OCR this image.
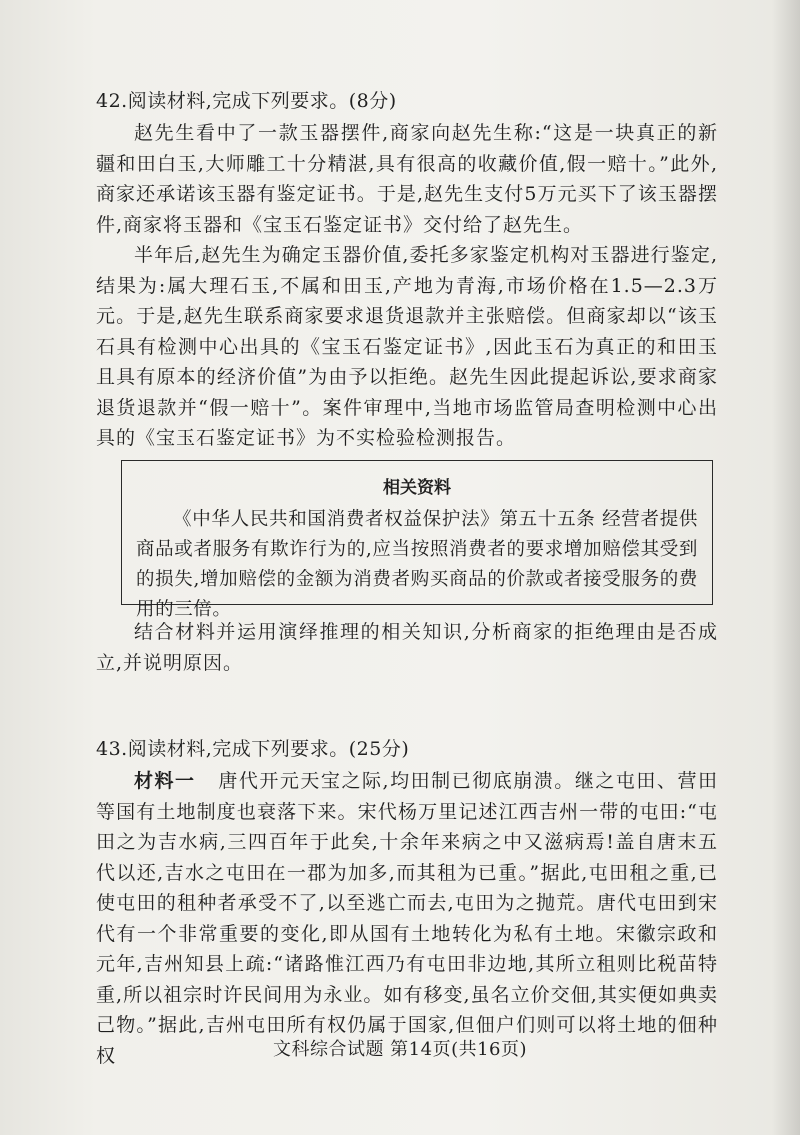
42.阅读材料,完成下列要求。(8分)

赵先生看中了一款玉器摆件,商家向赵先生称:“这是一块真正的新疆和田白玉,大师雕工十分精湛,具有很高的收藏价值,假一赔十。”此外,商家还承诺该玉器有鉴定证书。于是,赵先生支付5万元买下了该玉器摆件,商家将玉器和《宝玉石鉴定证书》交付给了赵先生。

半年后,赵先生为确定玉器价值,委托多家鉴定机构对玉器进行鉴定,结果为:属大理石玉,不属和田玉,产地为青海,市场价格在1.5—2.3万元。于是,赵先生联系商家要求退货退款并主张赔偿。但商家却以“该玉石具有检测中心出具的《宝玉石鉴定证书》,因此玉石为真正的和田玉且具有原本的经济价值”为由予以拒绝。赵先生因此提起诉讼,要求商家退货退款并“假一赔十”。案件审理中,当地市场监管局查明检测中心出具的《宝玉石鉴定证书》为不实检验检测报告。

相关资料

《中华人民共和国消费者权益保护法》第五十五条 经营者提供商品或者服务有欺诈行为的,应当按照消费者的要求增加赔偿其受到的损失,增加赔偿的金额为消费者购买商品的价款或者接受服务的费用的三倍。

结合材料并运用演绎推理的相关知识,分析商家的拒绝理由是否成立,并说明原因。

43.阅读材料,完成下列要求。(25分)

材料一 唐代开元天宝之际,均田制已彻底崩溃。继之屯田、营田等国有土地制度也衰落下来。宋代杨万里记述江西吉州一带的屯田:“屯田之为吉水病,三四百年于此矣,十余年来病之中又滋病焉!盖自唐末五代以还,吉水之屯田在一郡为加多,而其租为已重。”据此,屯田租之重,已使屯田的租种者承受不了,以至逃亡而去,屯田为之抛荒。唐代屯田到宋代有一个非常重要的变化,即从国有土地转化为私有土地。宋徽宗政和元年,吉州知县上疏:“诸路惟江西乃有屯田非边地,其所立租则比税苗特重,所以祖宗时许民间用为永业。如有移变,虽名立价交佃,其实便如典卖己物。”据此,吉州屯田所有权仍属于国家,但佃户们则可以将土地的佃种权	文科综合试题 第14页(共16页)
